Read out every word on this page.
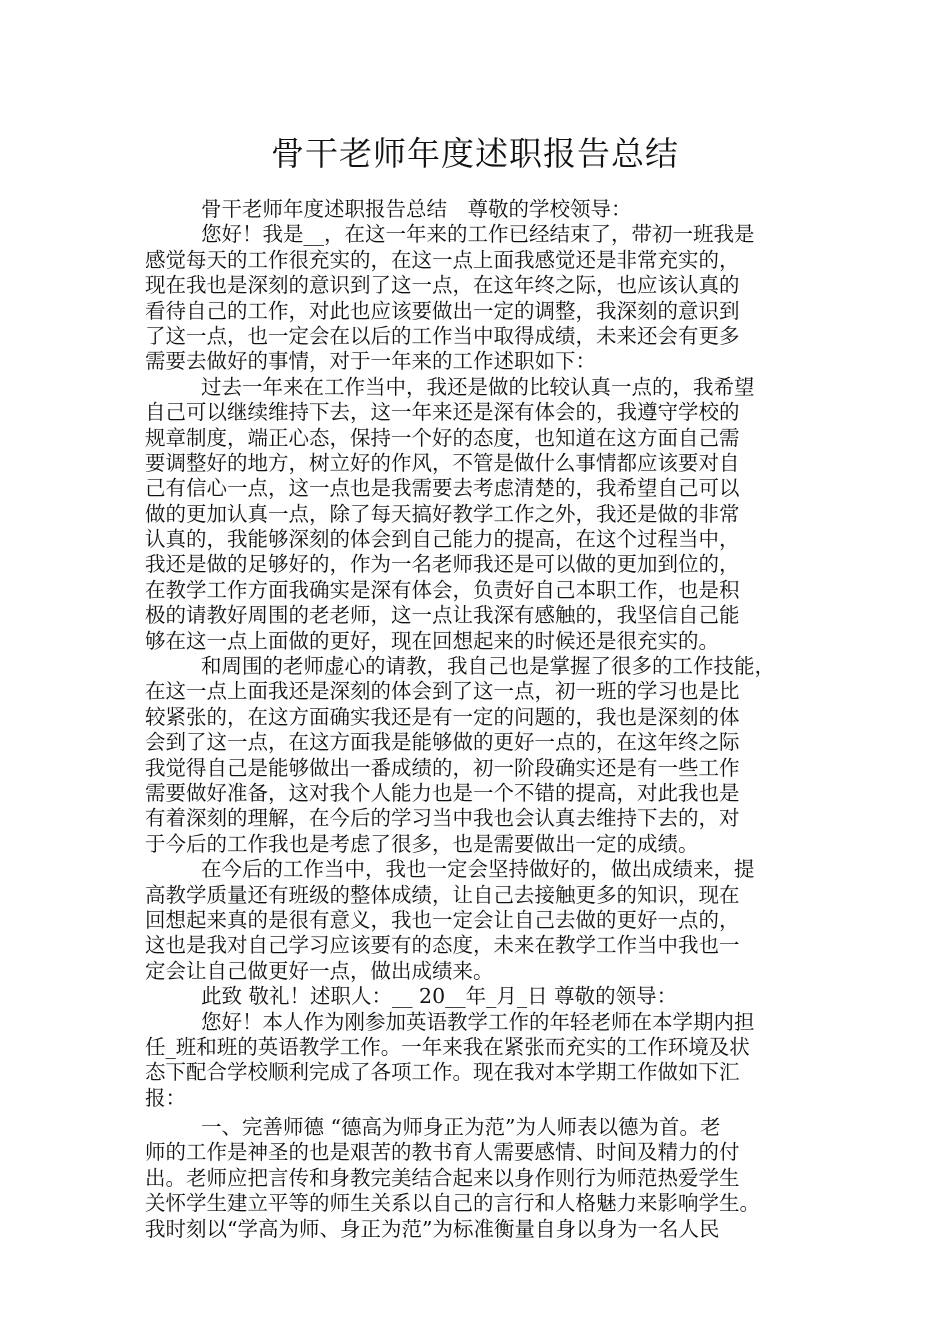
骨干老师年度述职报告总结
骨干老师年度述职报告总结　尊敬的学校领导：
您好！我是__，在这一年来的工作已经结束了，带初一班我是
感觉每天的工作很充实的，在这一点上面我感觉还是非常充实的，
现在我也是深刻的意识到了这一点，在这年终之际，也应该认真的
看待自己的工作，对此也应该要做出一定的调整，我深刻的意识到
了这一点，也一定会在以后的工作当中取得成绩，未来还会有更多
需要去做好的事情，对于一年来的工作述职如下：
过去一年来在工作当中，我还是做的比较认真一点的，我希望
自己可以继续维持下去，这一年来还是深有体会的，我遵守学校的
规章制度，端正心态，保持一个好的态度，也知道在这方面自己需
要调整好的地方，树立好的作风，不管是做什么事情都应该要对自
己有信心一点，这一点也是我需要去考虑清楚的，我希望自己可以
做的更加认真一点，除了每天搞好教学工作之外，我还是做的非常
认真的，我能够深刻的体会到自己能力的提高，在这个过程当中，
我还是做的足够好的，作为一名老师我还是可以做的更加到位的，
在教学工作方面我确实是深有体会，负责好自己本职工作，也是积
极的请教好周围的老老师，这一点让我深有感触的，我坚信自己能
够在这一点上面做的更好，现在回想起来的时候还是很充实的。
和周围的老师虚心的请教，我自己也是掌握了很多的工作技能，
在这一点上面我还是深刻的体会到了这一点，初一班的学习也是比
较紧张的，在这方面确实我还是有一定的问题的，我也是深刻的体
会到了这一点，在这方面我是能够做的更好一点的，在这年终之际
我觉得自己是能够做出一番成绩的，初一阶段确实还是有一些工作
需要做好准备，这对我个人能力也是一个不错的提高，对此我也是
有着深刻的理解，在今后的学习当中我也会认真去维持下去的，对
于今后的工作我也是考虑了很多，也是需要做出一定的成绩。
在今后的工作当中，我也一定会坚持做好的，做出成绩来，提
高教学质量还有班级的整体成绩，让自己去接触更多的知识，现在
回想起来真的是很有意义，我也一定会让自己去做的更好一点的，
这也是我对自己学习应该要有的态度，未来在教学工作当中我也一
定会让自己做更好一点，做出成绩来。
此致 敬礼！述职人：__ 20__年_月_日 尊敬的领导：
您好！本人作为刚参加英语教学工作的年轻老师在本学期内担
任_班和班的英语教学工作。一年来我在紧张而充实的工作环境及状
态下配合学校顺利完成了各项工作。现在我对本学期工作做如下汇
报：
一、完善师德 “德高为师身正为范”为人师表以德为首。老
师的工作是神圣的也是艰苦的教书育人需要感情、时间及精力的付
出。老师应把言传和身教完美结合起来以身作则行为师范热爱学生
关怀学生建立平等的师生关系以自己的言行和人格魅力来影响学生。
我时刻以“学高为师、身正为范”为标准衡量自身以身为一名人民
